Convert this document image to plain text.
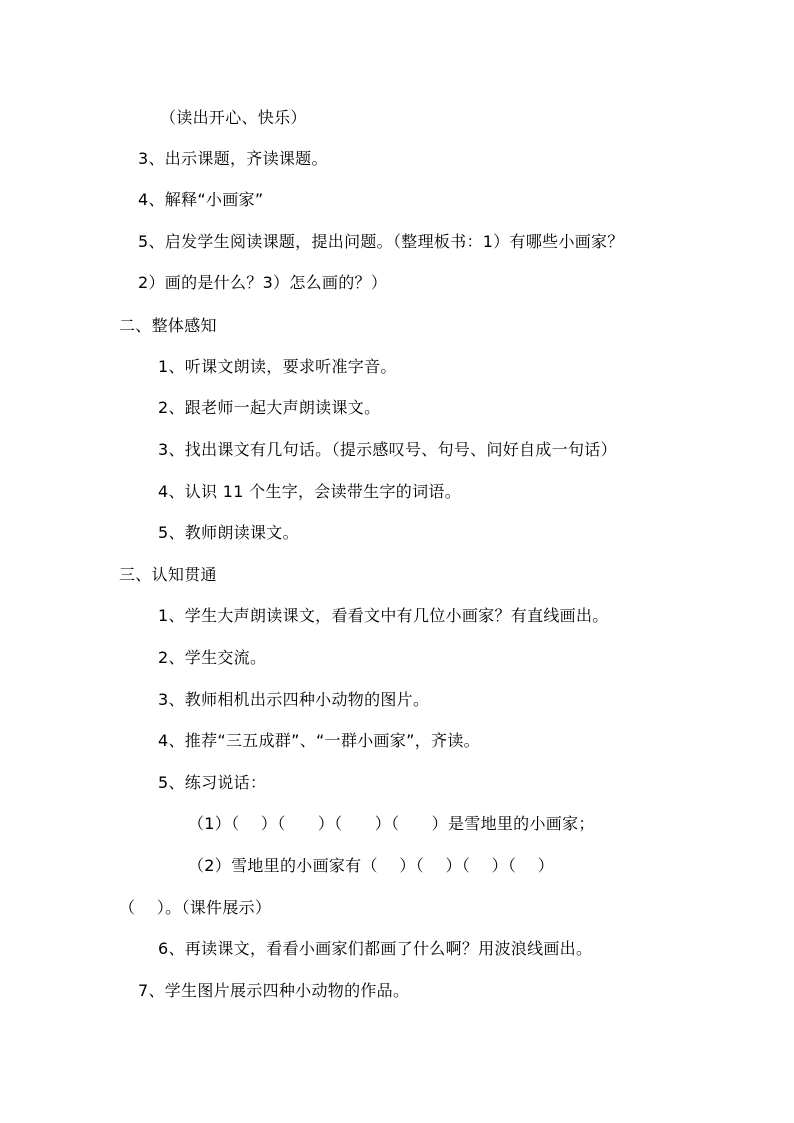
（读出开心、快乐）
3、出示课题，齐读课题。
4、解释“小画家”
5、启发学生阅读课题，提出问题。（整理板书：1）有哪些小画家？
2）画的是什么？3）怎么画的？）
二、整体感知
1、听课文朗读，要求听准字音。
2、跟老师一起大声朗读课文。
3、找出课文有几句话。（提示感叹号、句号、问好自成一句话）
4、认识 11 个生字，会读带生字的词语。
5、教师朗读课文。
三、认知贯通
1、学生大声朗读课文，看看文中有几位小画家？有直线画出。
2、学生交流。
3、教师相机出示四种小动物的图片。
4、推荐“三五成群”、“一群小画家”，齐读。
5、练习说话：
（1）（    ）（      ）（      ）（      ）是雪地里的小画家；
（2）雪地里的小画家有（    ）（    ）（    ）（    ）
（    ）。（课件展示）
6、再读课文，看看小画家们都画了什么啊？用波浪线画出。
7、学生图片展示四种小动物的作品。
